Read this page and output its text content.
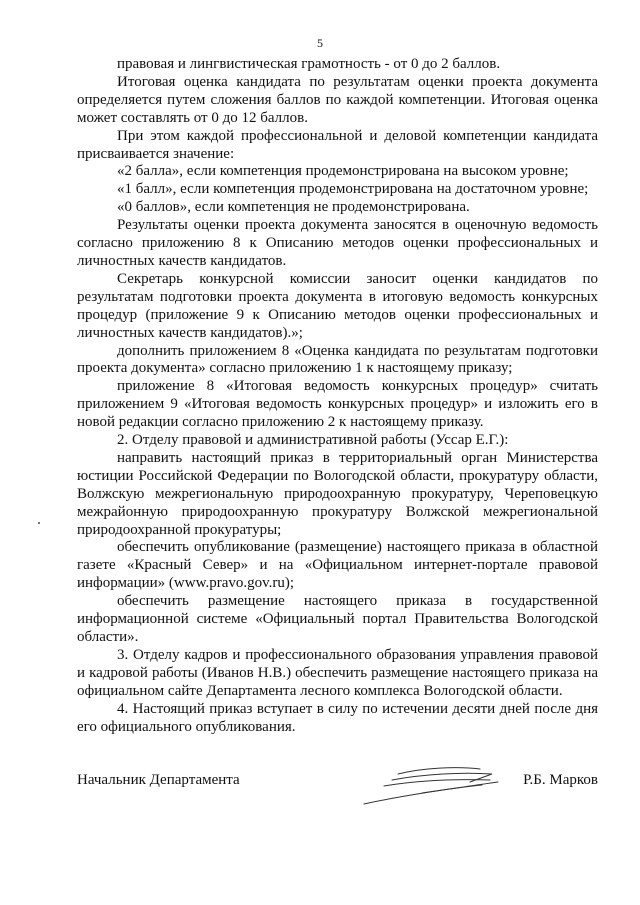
5

правовая и лингвистическая грамотность - от 0 до 2 баллов.

Итоговая оценка кандидата по результатам оценки проекта документа определяется путем сложения баллов по каждой компетенции. Итоговая оценка может составлять от 0 до 12 баллов.

При этом каждой профессиональной и деловой компетенции кандидата присваивается значение:

«2 балла», если компетенция продемонстрирована на высоком уровне;

«1 балл», если компетенция продемонстрирована на достаточном уровне;

«0 баллов», если компетенция не продемонстрирована.

Результаты оценки проекта документа заносятся в оценочную ведомость согласно приложению 8 к Описанию методов оценки профессиональных и личностных качеств кандидатов.

Секретарь конкурсной комиссии заносит оценки кандидатов по результатам подготовки проекта документа в итоговую ведомость конкурсных процедур (приложение 9 к Описанию методов оценки профессиональных и личностных качеств кандидатов).»;

дополнить приложением 8 «Оценка кандидата по результатам подготовки проекта документа» согласно приложению 1 к настоящему приказу;

приложение 8 «Итоговая ведомость конкурсных процедур» считать приложением 9 «Итоговая ведомость конкурсных процедур» и изложить его в новой редакции согласно приложению 2 к настоящему приказу.

2. Отделу правовой и административной работы (Уссар Е.Г.):

направить настоящий приказ в территориальный орган Министерства юстиции Российской Федерации по Вологодской области, прокуратуру области, Волжскую межрегиональную природоохранную прокуратуру, Череповецкую межрайонную природоохранную прокуратуру Волжской межрегиональной природоохранной прокуратуры;

обеспечить опубликование (размещение) настоящего приказа в областной газете «Красный Север» и на «Официальном интернет-портале правовой информации» (www.pravo.gov.ru);

обеспечить размещение настоящего приказа в государственной информационной системе «Официальный портал Правительства Вологодской области».

3. Отделу кадров и профессионального образования управления правовой и кадровой работы (Иванов Н.В.) обеспечить размещение настоящего приказа на официальном сайте Департамента лесного комплекса Вологодской области.

4. Настоящий приказ вступает в силу по истечении десяти дней после дня его официального опубликования.

Начальник Департамента	Р.Б. Марков
